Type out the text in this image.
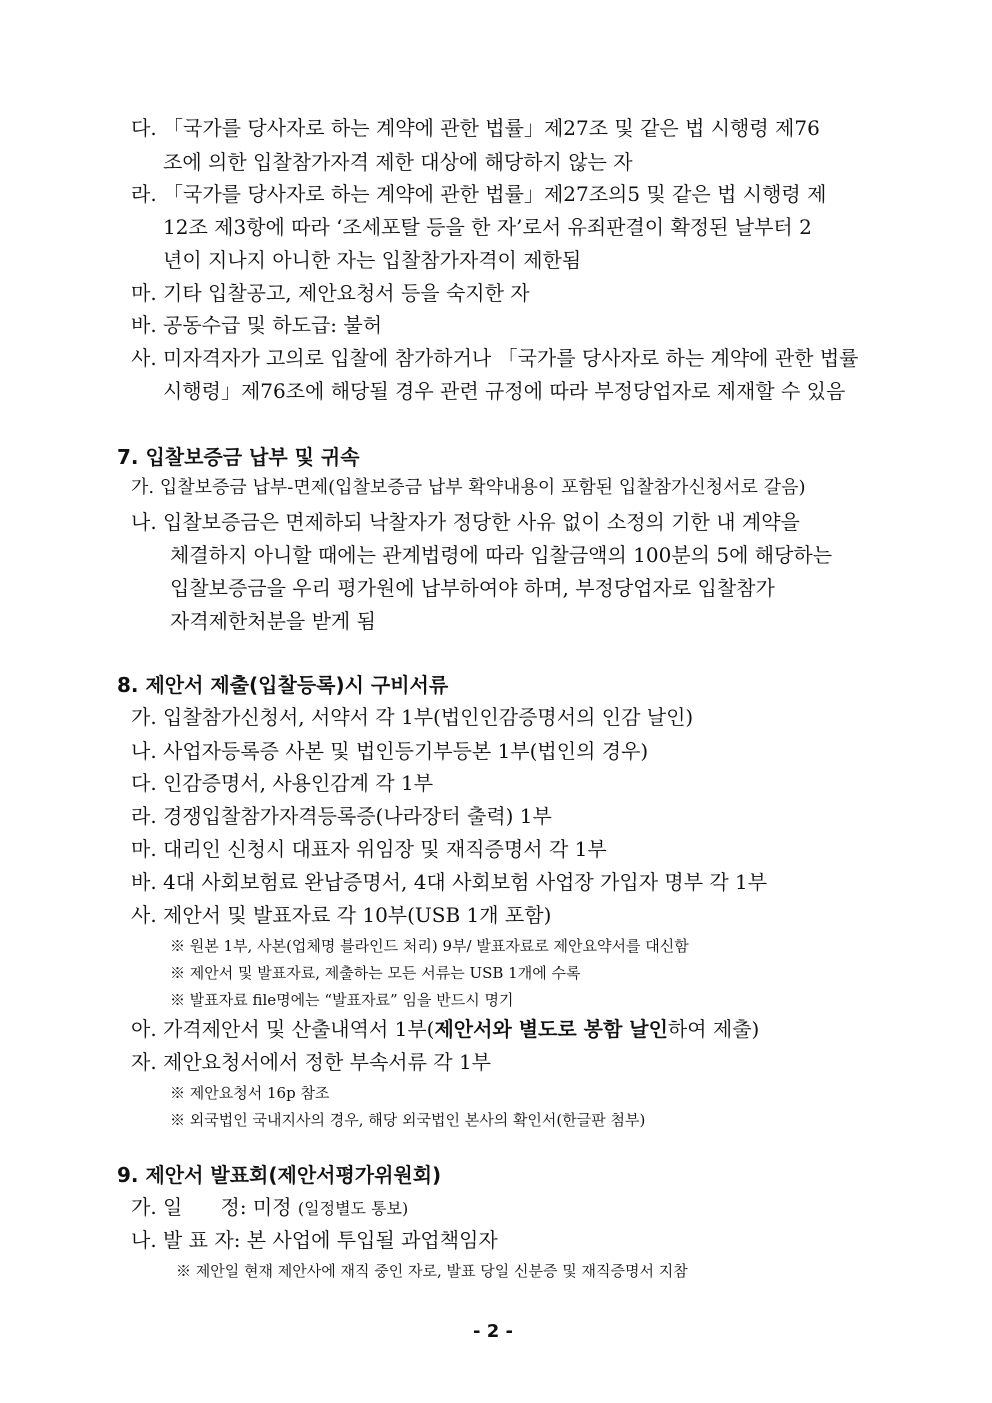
다. 「국가를 당사자로 하는 계약에 관한 법률」제27조 및 같은 법 시행령 제76
조에 의한 입찰참가자격 제한 대상에 해당하지 않는 자
라. 「국가를 당사자로 하는 계약에 관한 법률」제27조의5 및 같은 법 시행령 제
12조 제3항에 따라 ‘조세포탈 등을 한 자’로서 유죄판결이 확정된 날부터 2
년이 지나지 아니한 자는 입찰참가자격이 제한됨
마. 기타 입찰공고, 제안요청서 등을 숙지한 자
바. 공동수급 및 하도급: 불허
사. 미자격자가 고의로 입찰에 참가하거나 「국가를 당사자로 하는 계약에 관한 법률
시행령」제76조에 해당될 경우 관련 규정에 따라 부정당업자로 제재할 수 있음
7. 입찰보증금 납부 및 귀속
가. 입찰보증금 납부-면제(입찰보증금 납부 확약내용이 포함된 입찰참가신청서로 갈음)
나. 입찰보증금은 면제하되 낙찰자가 정당한 사유 없이 소정의 기한 내 계약을
체결하지 아니할 때에는 관계법령에 따라 입찰금액의 100분의 5에 해당하는
입찰보증금을 우리 평가원에 납부하여야 하며, 부정당업자로 입찰참가
자격제한처분을 받게 됨
8. 제안서 제출(입찰등록)시 구비서류
가. 입찰참가신청서, 서약서 각 1부(법인인감증명서의 인감 날인)
나. 사업자등록증 사본 및 법인등기부등본 1부(법인의 경우)
다. 인감증명서, 사용인감계 각 1부
라. 경쟁입찰참가자격등록증(나라장터 출력) 1부
마. 대리인 신청시 대표자 위임장 및 재직증명서 각 1부
바. 4대 사회보험료 완납증명서, 4대 사회보험 사업장 가입자 명부 각 1부
사. 제안서 및 발표자료 각 10부(USB 1개 포함)
※ 원본 1부, 사본(업체명 블라인드 처리) 9부/ 발표자료로 제안요약서를 대신함
※ 제안서 및 발표자료, 제출하는 모든 서류는 USB 1개에 수록
※ 발표자료 file명에는 “발표자료” 임을 반드시 명기
아. 가격제안서 및 산출내역서 1부(제안서와 별도로 봉함 날인하여 제출)
자. 제안요청서에서 정한 부속서류 각 1부
※ 제안요청서 16p 참조
※ 외국법인 국내지사의 경우, 해당 외국법인 본사의 확인서(한글판 첨부)
9. 제안서 발표회(제안서평가위원회)
가. 일      정: 미정 (일정별도 통보)
나. 발 표 자: 본 사업에 투입될 과업책임자
※ 제안일 현재 제안사에 재직 중인 자로, 발표 당일 신분증 및 재직증명서 지참
- 2 -
